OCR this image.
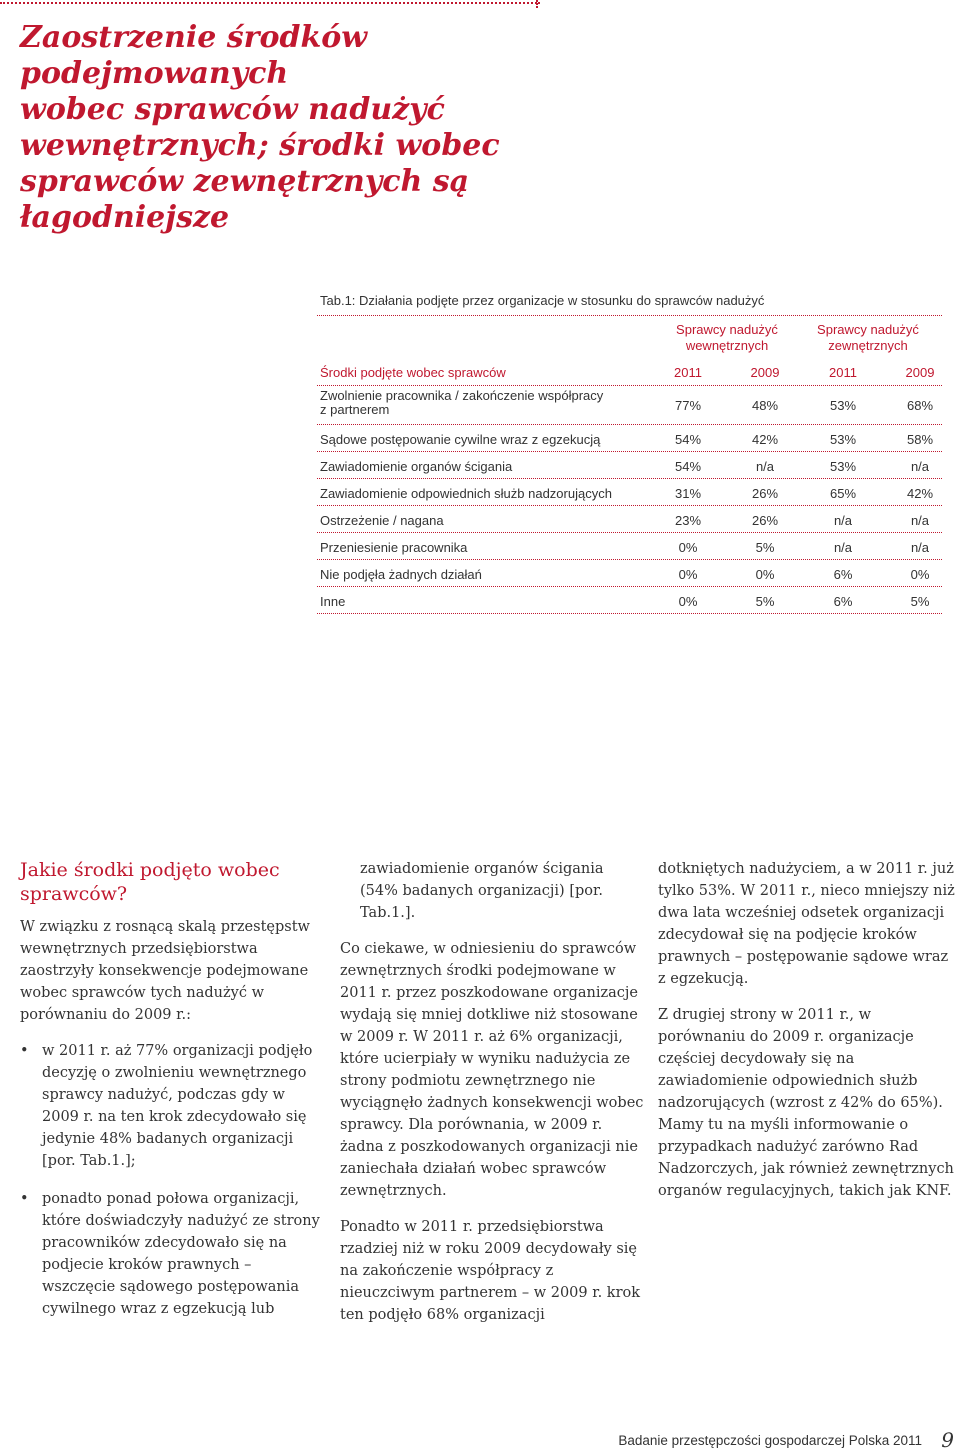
Zaostrzenie środków podejmowanych
wobec sprawców nadużyć
wewnętrznych; środki wobec
sprawców zewnętrznych są
łagodniejsze
Tab.1: Działania podjęte przez organizacje w stosunku do sprawców nadużyć
Sprawcy nadużyć
wewnętrznych
Sprawcy nadużyć
zewnętrznych
Środki podjęte wobec sprawców	2011	2009	2011	2009
Zwolnienie pracownika / zakończenie współpracy
z partnerem	77%	48%	53%	68%
Sądowe postępowanie cywilne wraz z egzekucją	54%	42%	53%	58%
Zawiadomienie organów ścigania	54%	n/a	53%	n/a
Zawiadomienie odpowiednich służb nadzorujących	31%	26%	65%	42%
Ostrzeżenie / nagana	23%	26%	n/a	n/a
Przeniesienie pracownika	0%	5%	n/a	n/a
Nie podjęła żadnych działań	0%	0%	6%	0%
Inne	0%	5%	6%	5%
Jakie środki podjęto wobec sprawców?

W związku z rosnącą skalą przestępstw wewnętrznych przedsiębiorstwa zaostrzyły konsekwencje podejmowane wobec sprawców tych nadużyć w porównaniu do 2009 r.:

• w 2011 r. aż 77% organizacji podjęło decyzję o zwolnieniu wewnętrznego sprawcy nadużyć, podczas gdy w 2009 r. na ten krok zdecydowało się jedynie 48% badanych organizacji [por. Tab.1.];
• ponadto ponad połowa organizacji, które doświadczyły nadużyć ze strony pracowników zdecydowało się na podjecie kroków prawnych – wszczęcie sądowego postępowania cywilnego wraz z egzekucją lub

zawiadomienie organów ścigania (54% badanych organizacji) [por. Tab.1.].

Co ciekawe, w odniesieniu do sprawców zewnętrznych środki podejmowane w 2011 r. przez poszkodowane organizacje wydają się mniej dotkliwe niż stosowane w 2009 r. W 2011 r. aż 6% organizacji, które ucierpiały w wyniku nadużycia ze strony podmiotu zewnętrznego nie wyciągnęło żadnych konsekwencji wobec sprawcy. Dla porównania, w 2009 r. żadna z poszkodowanych organizacji nie zaniechała działań wobec sprawców zewnętrznych.

Ponadto w 2011 r. przedsiębiorstwa rzadziej niż w roku 2009 decydowały się na zakończenie współpracy z nieuczciwym partnerem – w 2009 r. krok ten podjęło 68% organizacji

dotkniętych nadużyciem, a w 2011 r. już tylko 53%. W 2011 r., nieco mniejszy niż dwa lata wcześniej odsetek organizacji zdecydował się na podjęcie kroków prawnych – postępowanie sądowe wraz z egzekucją.

Z drugiej strony w 2011 r., w porównaniu do 2009 r. organizacje częściej decydowały się na zawiadomienie odpowiednich służb nadzorujących (wzrost z 42% do 65%). Mamy tu na myśli informowanie o przypadkach nadużyć zarówno Rad Nadzorczych, jak również zewnętrznych organów regulacyjnych, takich jak KNF.

Badanie przestępczości gospodarczej Polska 2011 9
